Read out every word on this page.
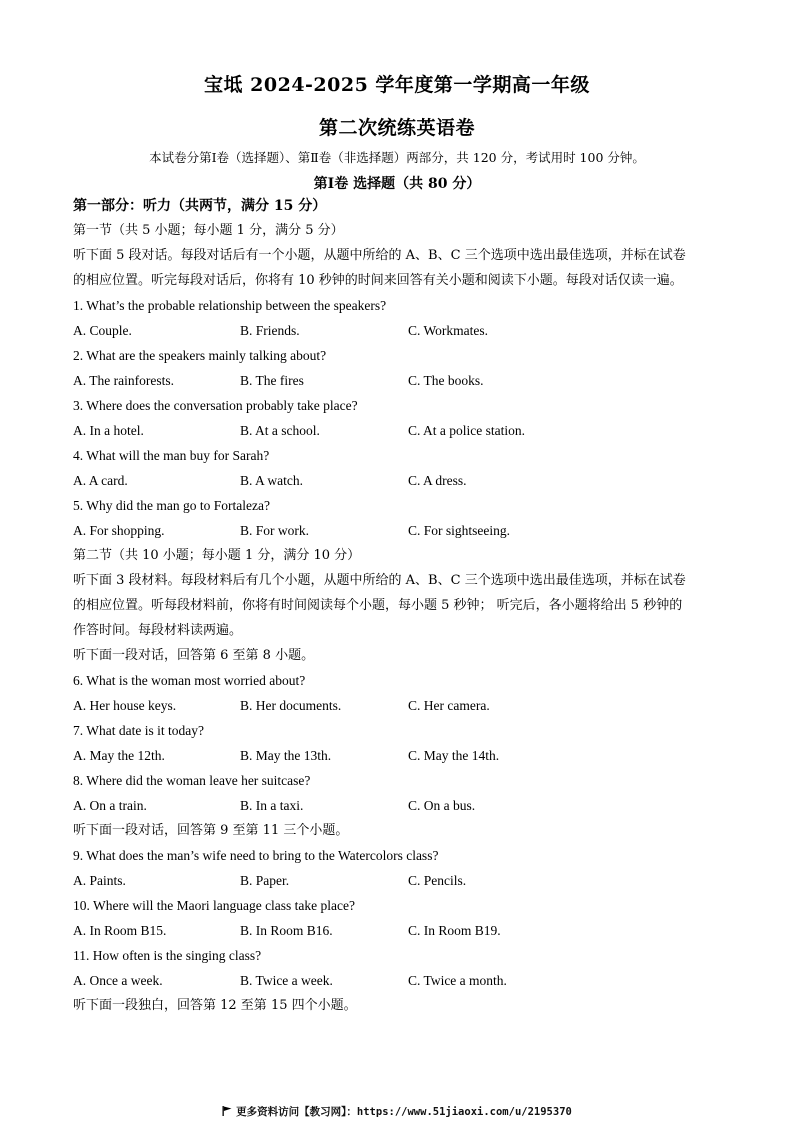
宝坻 2024-2025 学年度第一学期高一年级
第二次统练英语卷
本试卷分第Ⅰ卷（选择题）、第Ⅱ卷（非选择题）两部分，共 120 分，考试用时 100 分钟。
第Ⅰ卷 选择题（共 80 分）
第一部分：听力（共两节，满分 15 分）
第一节（共 5 小题；每小题 1 分，满分 5 分）
听下面 5 段对话。每段对话后有一个小题，从题中所给的 A、B、C 三个选项中选出最佳选项，并标在试卷
的相应位置。听完每段对话后，你将有 10 秒钟的时间来回答有关小题和阅读下小题。每段对话仅读一遍。
1. What’s the probable relationship between the speakers?
A. Couple.	B. Friends.	C. Workmates.
2. What are the speakers mainly talking about?
A. The rainforests.	B. The fires	C. The books.
3. Where does the conversation probably take place?
A. In a hotel.	B. At a school.	C. At a police station.
4. What will the man buy for Sarah?
A. A card.	B. A watch.	C. A dress.
5. Why did the man go to Fortaleza?
A. For shopping.	B. For work.	C. For sightseeing.
第二节（共 10 小题；每小题 1 分，满分 10 分）
听下面 3 段材料。每段材料后有几个小题，从题中所给的 A、B、C 三个选项中选出最佳选项，并标在试卷
的相应位置。听每段材料前，你将有时间阅读每个小题，每小题 5 秒钟； 听完后，各小题将给出 5 秒钟的
作答时间。每段材料读两遍。
听下面一段对话，回答第 6 至第 8 小题。
6. What is the woman most worried about?
A. Her house keys.	B. Her documents.	C. Her camera.
7. What date is it today?
A. May the 12th.	B. May the 13th.	C. May the 14th.
8. Where did the woman leave her suitcase?
A. On a train.	B. In a taxi.	C. On a bus.
听下面一段对话，回答第 9 至第 11 三个小题。
9. What does the man’s wife need to bring to the Watercolors class?
A. Paints.	B. Paper.	C. Pencils.
10. Where will the Maori language class take place?
A. In Room B15.	B. In Room B16.	C. In Room B19.
11. How often is the singing class?
A. Once a week.	B. Twice a week.	C. Twice a month.
听下面一段独白，回答第 12 至第 15 四个小题。
更多资料访问【教习网】：https://www.51jiaoxi.com/u/2195370
